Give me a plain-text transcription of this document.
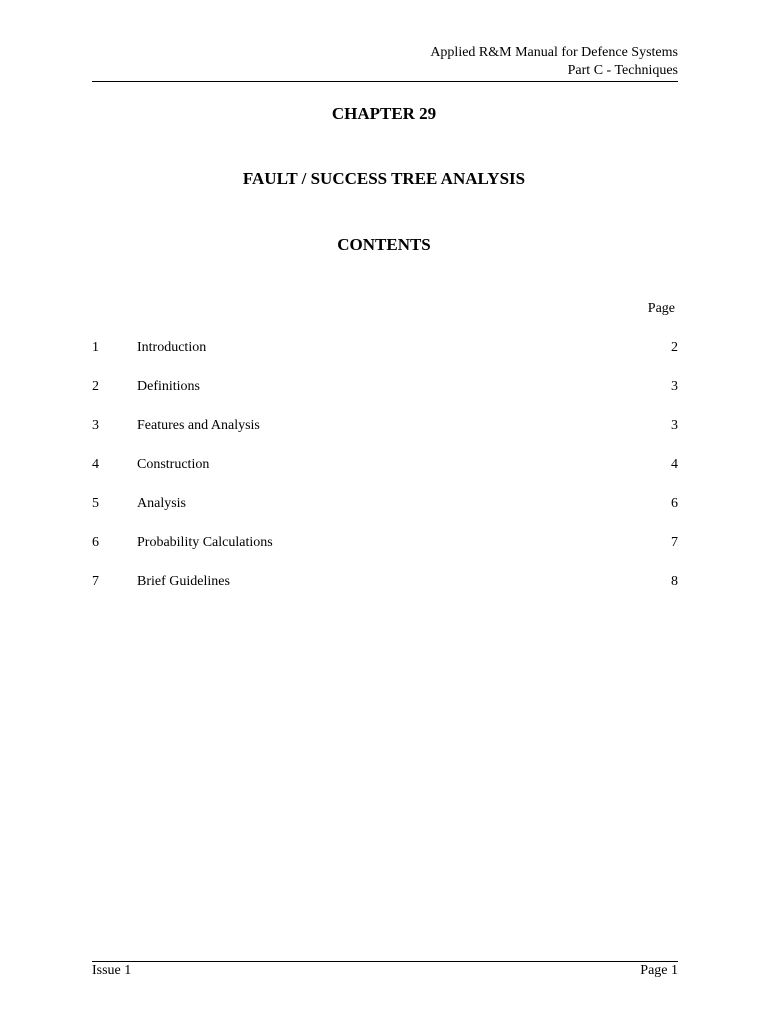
Applied R&M Manual for Defence Systems
Part C - Techniques
CHAPTER 29
FAULT / SUCCESS TREE ANALYSIS
CONTENTS
Page
1	Introduction	2
2	Definitions	3
3	Features and Analysis	3
4	Construction	4
5	Analysis	6
6	Probability Calculations	7
7	Brief Guidelines	8
Issue 1	Page 1
